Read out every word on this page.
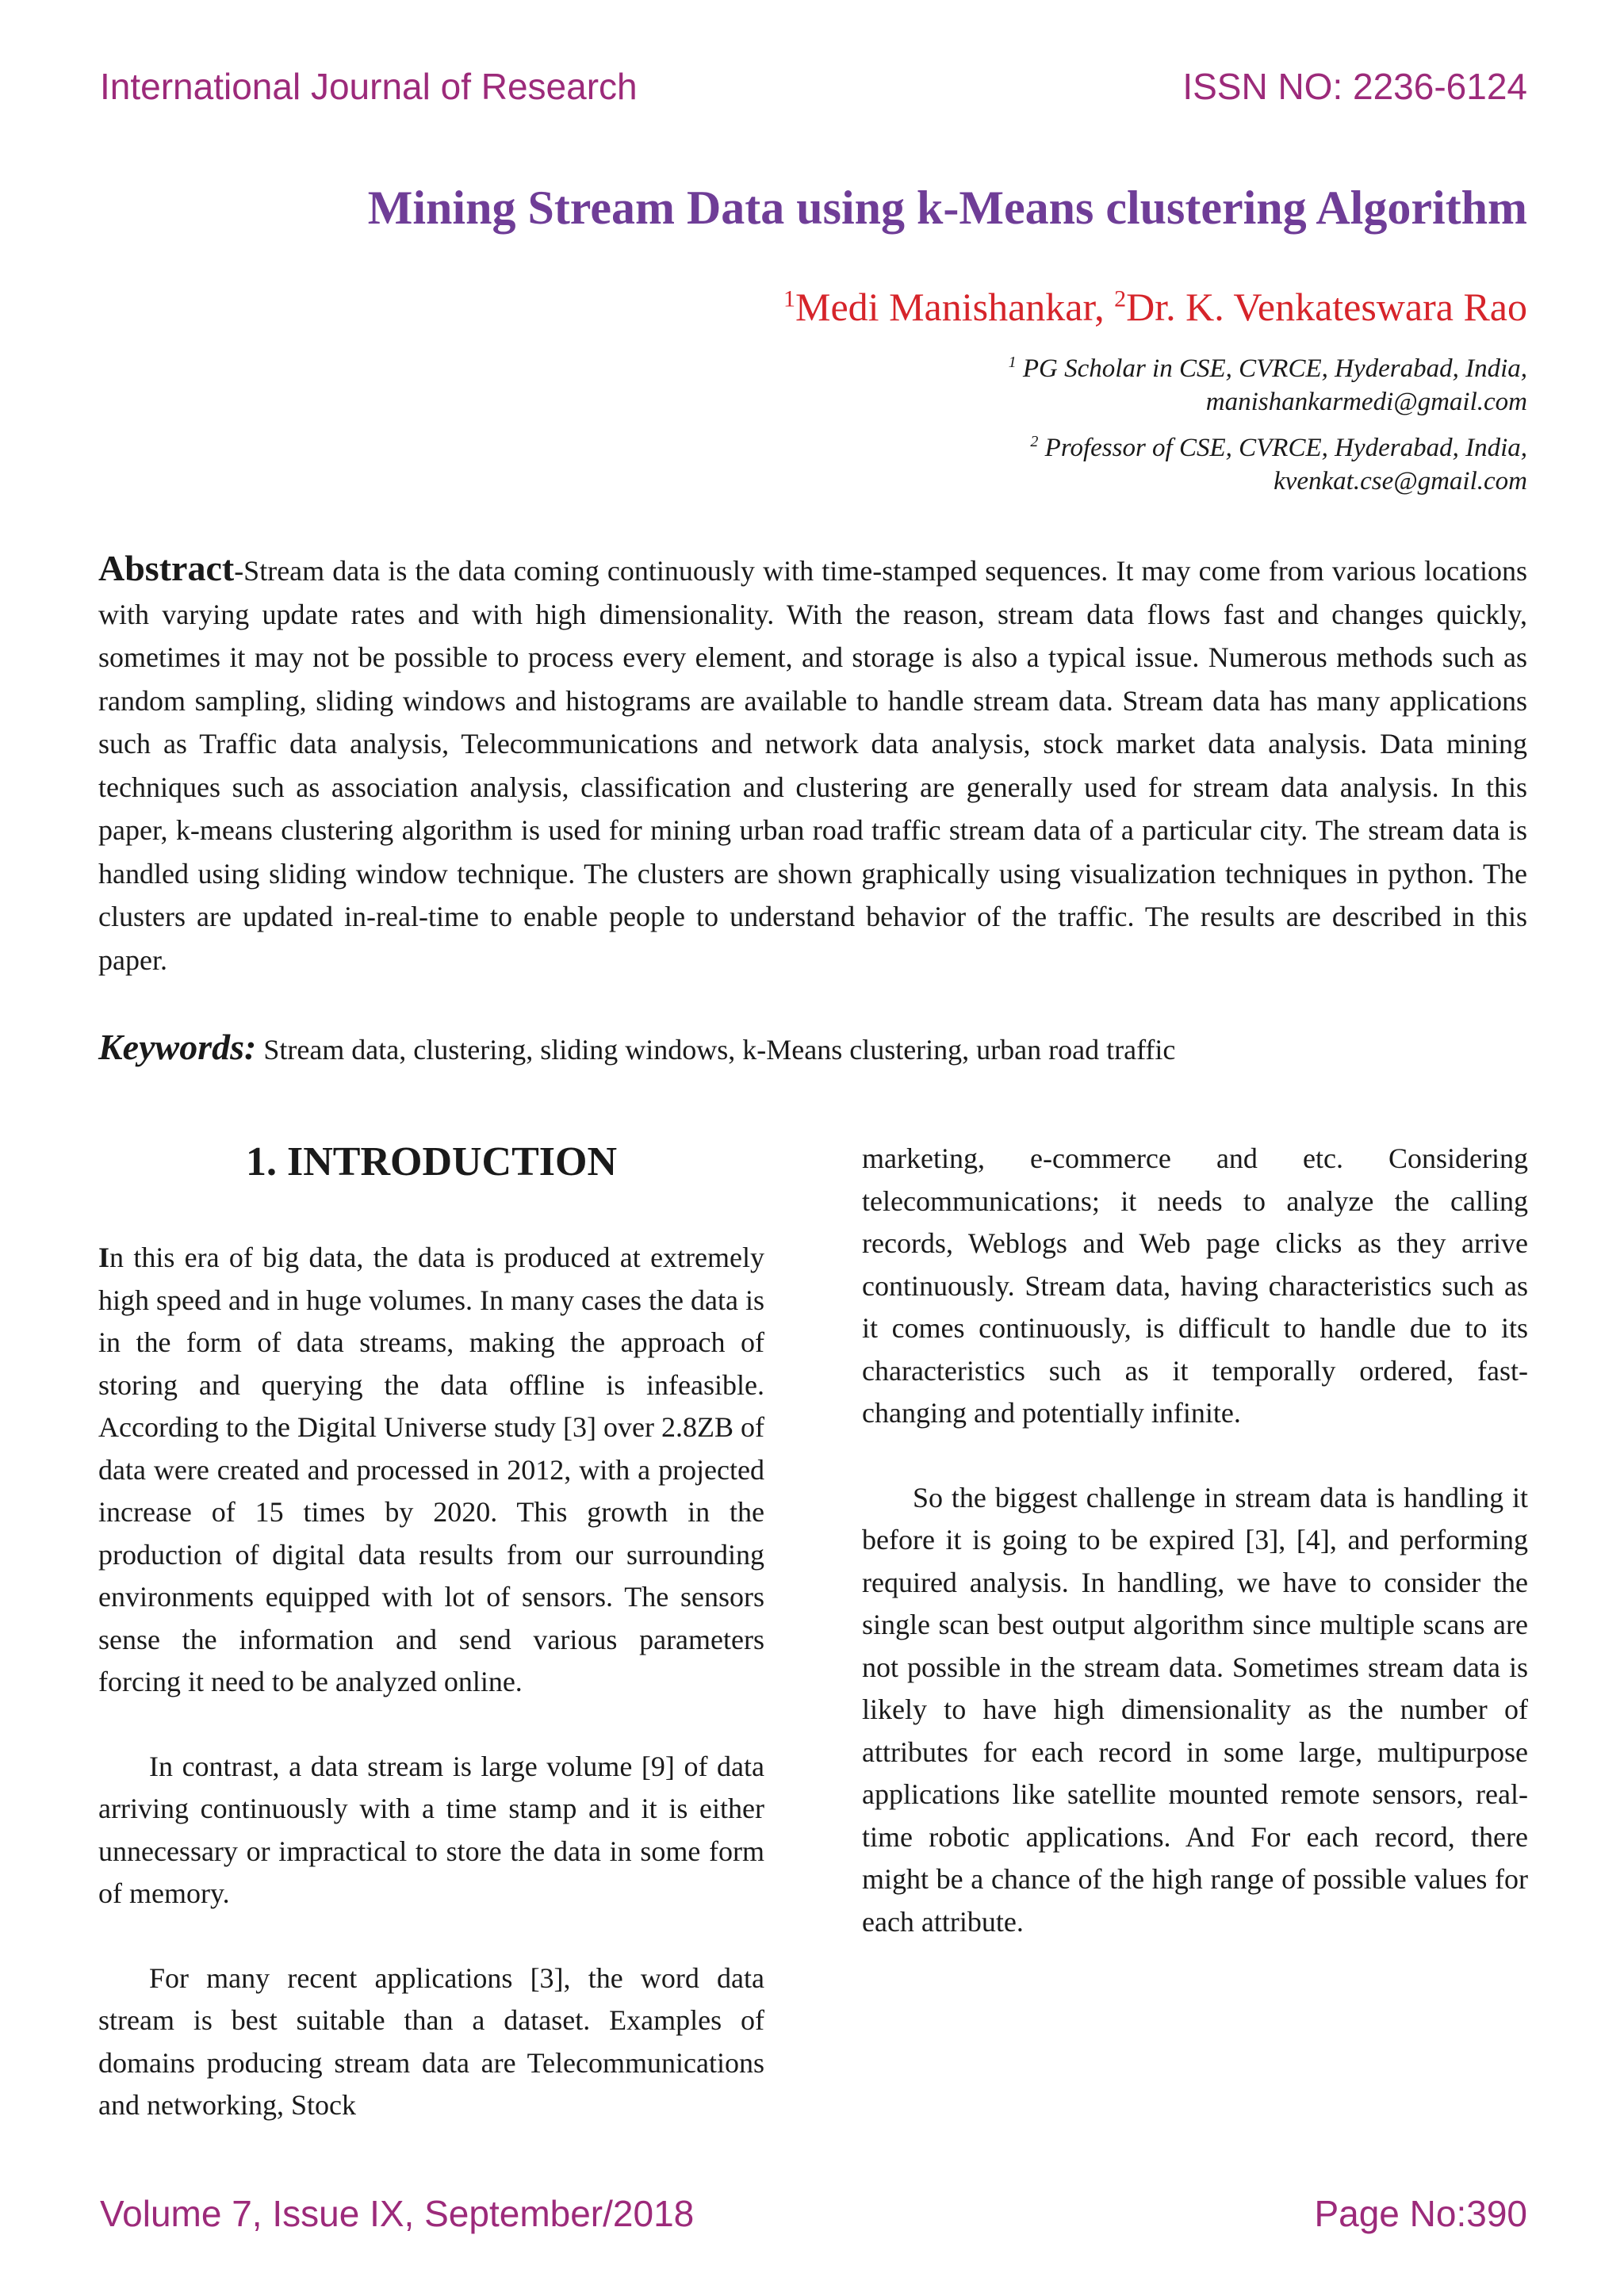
International Journal of Research	ISSN NO: 2236-6124
Mining Stream Data using k-Means clustering Algorithm
$^1$Medi Manishankar, $^2$Dr. K. Venkateswara Rao
$^1$ PG Scholar in CSE, CVRCE, Hyderabad, India,
manishankarmedi@gmail.com
$^2$ Professor of CSE, CVRCE, Hyderabad, India,
kvenkat.cse@gmail.com
Abstract-Stream data is the data coming continuously with time-stamped sequences. It may come from various locations with varying update rates and with high dimensionality. With the reason, stream data flows fast and changes quickly, sometimes it may not be possible to process every element, and storage is also a typical issue. Numerous methods such as random sampling, sliding windows and histograms are available to handle stream data. Stream data has many applications such as Traffic data analysis, Telecommunications and network data analysis, stock market data analysis. Data mining techniques such as association analysis, classification and clustering are generally used for stream data analysis. In this paper, k-means clustering algorithm is used for mining urban road traffic stream data of a particular city. The stream data is handled using sliding window technique. The clusters are shown graphically using visualization techniques in python. The clusters are updated in-real-time to enable people to understand behavior of the traffic. The results are described in this paper.
Keywords: Stream data, clustering, sliding windows, k-Means clustering, urban road traffic
1. INTRODUCTION

In this era of big data, the data is produced at extremely high speed and in huge volumes. In many cases the data is in the form of data streams, making the approach of storing and querying the data offline is infeasible. According to the Digital Universe study [3] over 2.8ZB of data were created and processed in 2012, with a projected increase of 15 times by 2020. This growth in the production of digital data results from our surrounding environments equipped with lot of sensors. The sensors sense the information and send various parameters forcing it need to be analyzed online.

In contrast, a data stream is large volume [9] of data arriving continuously with a time stamp and it is either unnecessary or impractical to store the data in some form of memory.

For many recent applications [3], the word data stream is best suitable than a dataset. Examples of domains producing stream data are Telecommunications and networking, Stock

marketing, e-commerce and etc. Considering telecommunications; it needs to analyze the calling records, Weblogs and Web page clicks as they arrive continuously. Stream data, having characteristics such as it comes continuously, is difficult to handle due to its characteristics such as it temporally ordered, fast-changing and potentially infinite.

So the biggest challenge in stream data is handling it before it is going to be expired [3], [4], and performing required analysis. In handling, we have to consider the single scan best output algorithm since multiple scans are not possible in the stream data. Sometimes stream data is likely to have high dimensionality as the number of attributes for each record in some large, multipurpose applications like satellite mounted remote sensors, real-time robotic applications. And For each record, there might be a chance of the high range of possible values for each attribute.

Volume 7, Issue IX, September/2018	Page No:390
